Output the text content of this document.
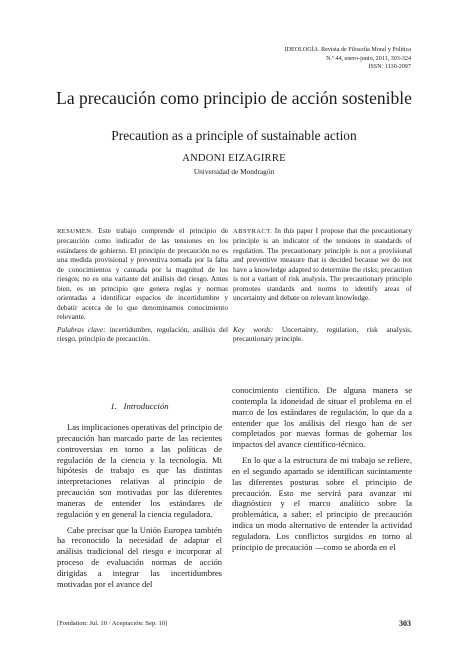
IDEOLOGÍA. Revista de Filosofía Moral y Política
N.º 44, enero-junio, 2011, 303-324
ISSN: 1130-2097
La precaución como principio de acción sostenible
Precaution as a principle of sustainable action
ANDONI EIZAGIRRE
Universidad de Mondragón
RESUMEN. Este trabajo comprende el principio de precaución como indicador de las tensiones en los estándares de gobierno. El principio de precaución no es una medida provisional y preventiva tomada por la falta de conocimientos y causada por la magnitud de los riesgos; no es una variante del análisis del riesgo. Antes bien, es un principio que genera reglas y normas orientadas a identificar espacios de incertidumbre y debatir acerca de lo que denominamos conocimiento relevante.
ABSTRACT. In this paper I propose that the precautionary principle is an indicator of the tensions in standards of regulation. The precautionary principle is not a provisional and preventive measure that is decided because we do not have a knowledge adapted to determine the risks; precaution is not a variant of risk analysis. The precautionary principle promotes standards and norms to identify areas of uncertainty and debate on relevant knowledge.
Palabras clave: incertidumbre, regulación, análisis del riesgo, principio de precaución.
Key words: Uncertainty, regulation, risk analysis, precautionary principle.
1.   Introducción

Las implicaciones operativas del principio de precaución han marcado parte de las recientes controversias en torno a las políticas de regulación de la ciencia y la tecnología. Mi hipótesis de trabajo es que las distintas interpretaciones relativas al principio de precaución son motivadas por las diferentes maneras de entender los estándares de regulación y en general la ciencia reguladora.

Cabe precisar que la Unión Europea también ha reconocido la necesidad de adaptar el análisis tradicional del riesgo e incorporar al proceso de evaluación normas de acción dirigidas a integrar las incertidumbres motivadas por el avance del

conocimiento científico. De alguna manera se contempla la idoneidad de situar el problema en el marco de los estándares de regulación, lo que da a entender que los análisis del riesgo han de ser completados por nuevas formas de gobernar los impactos del avance científico-técnico.

En lo que a la estructura de mi trabajo se refiere, en el segundo apartado se identifican sucintamente las diferentes posturas sobre el principio de precaución. Esto me servirá para avanzar mi diagnóstico y el marco analítico sobre la problemática, a saber: el principio de precaución indica un modo alternativo de entender la actividad reguladora. Los conflictos surgidos en torno al principio de precaución —como se aborda en el

[Fondation: Jul. 10 / Aceptación: Sep. 10]	303
